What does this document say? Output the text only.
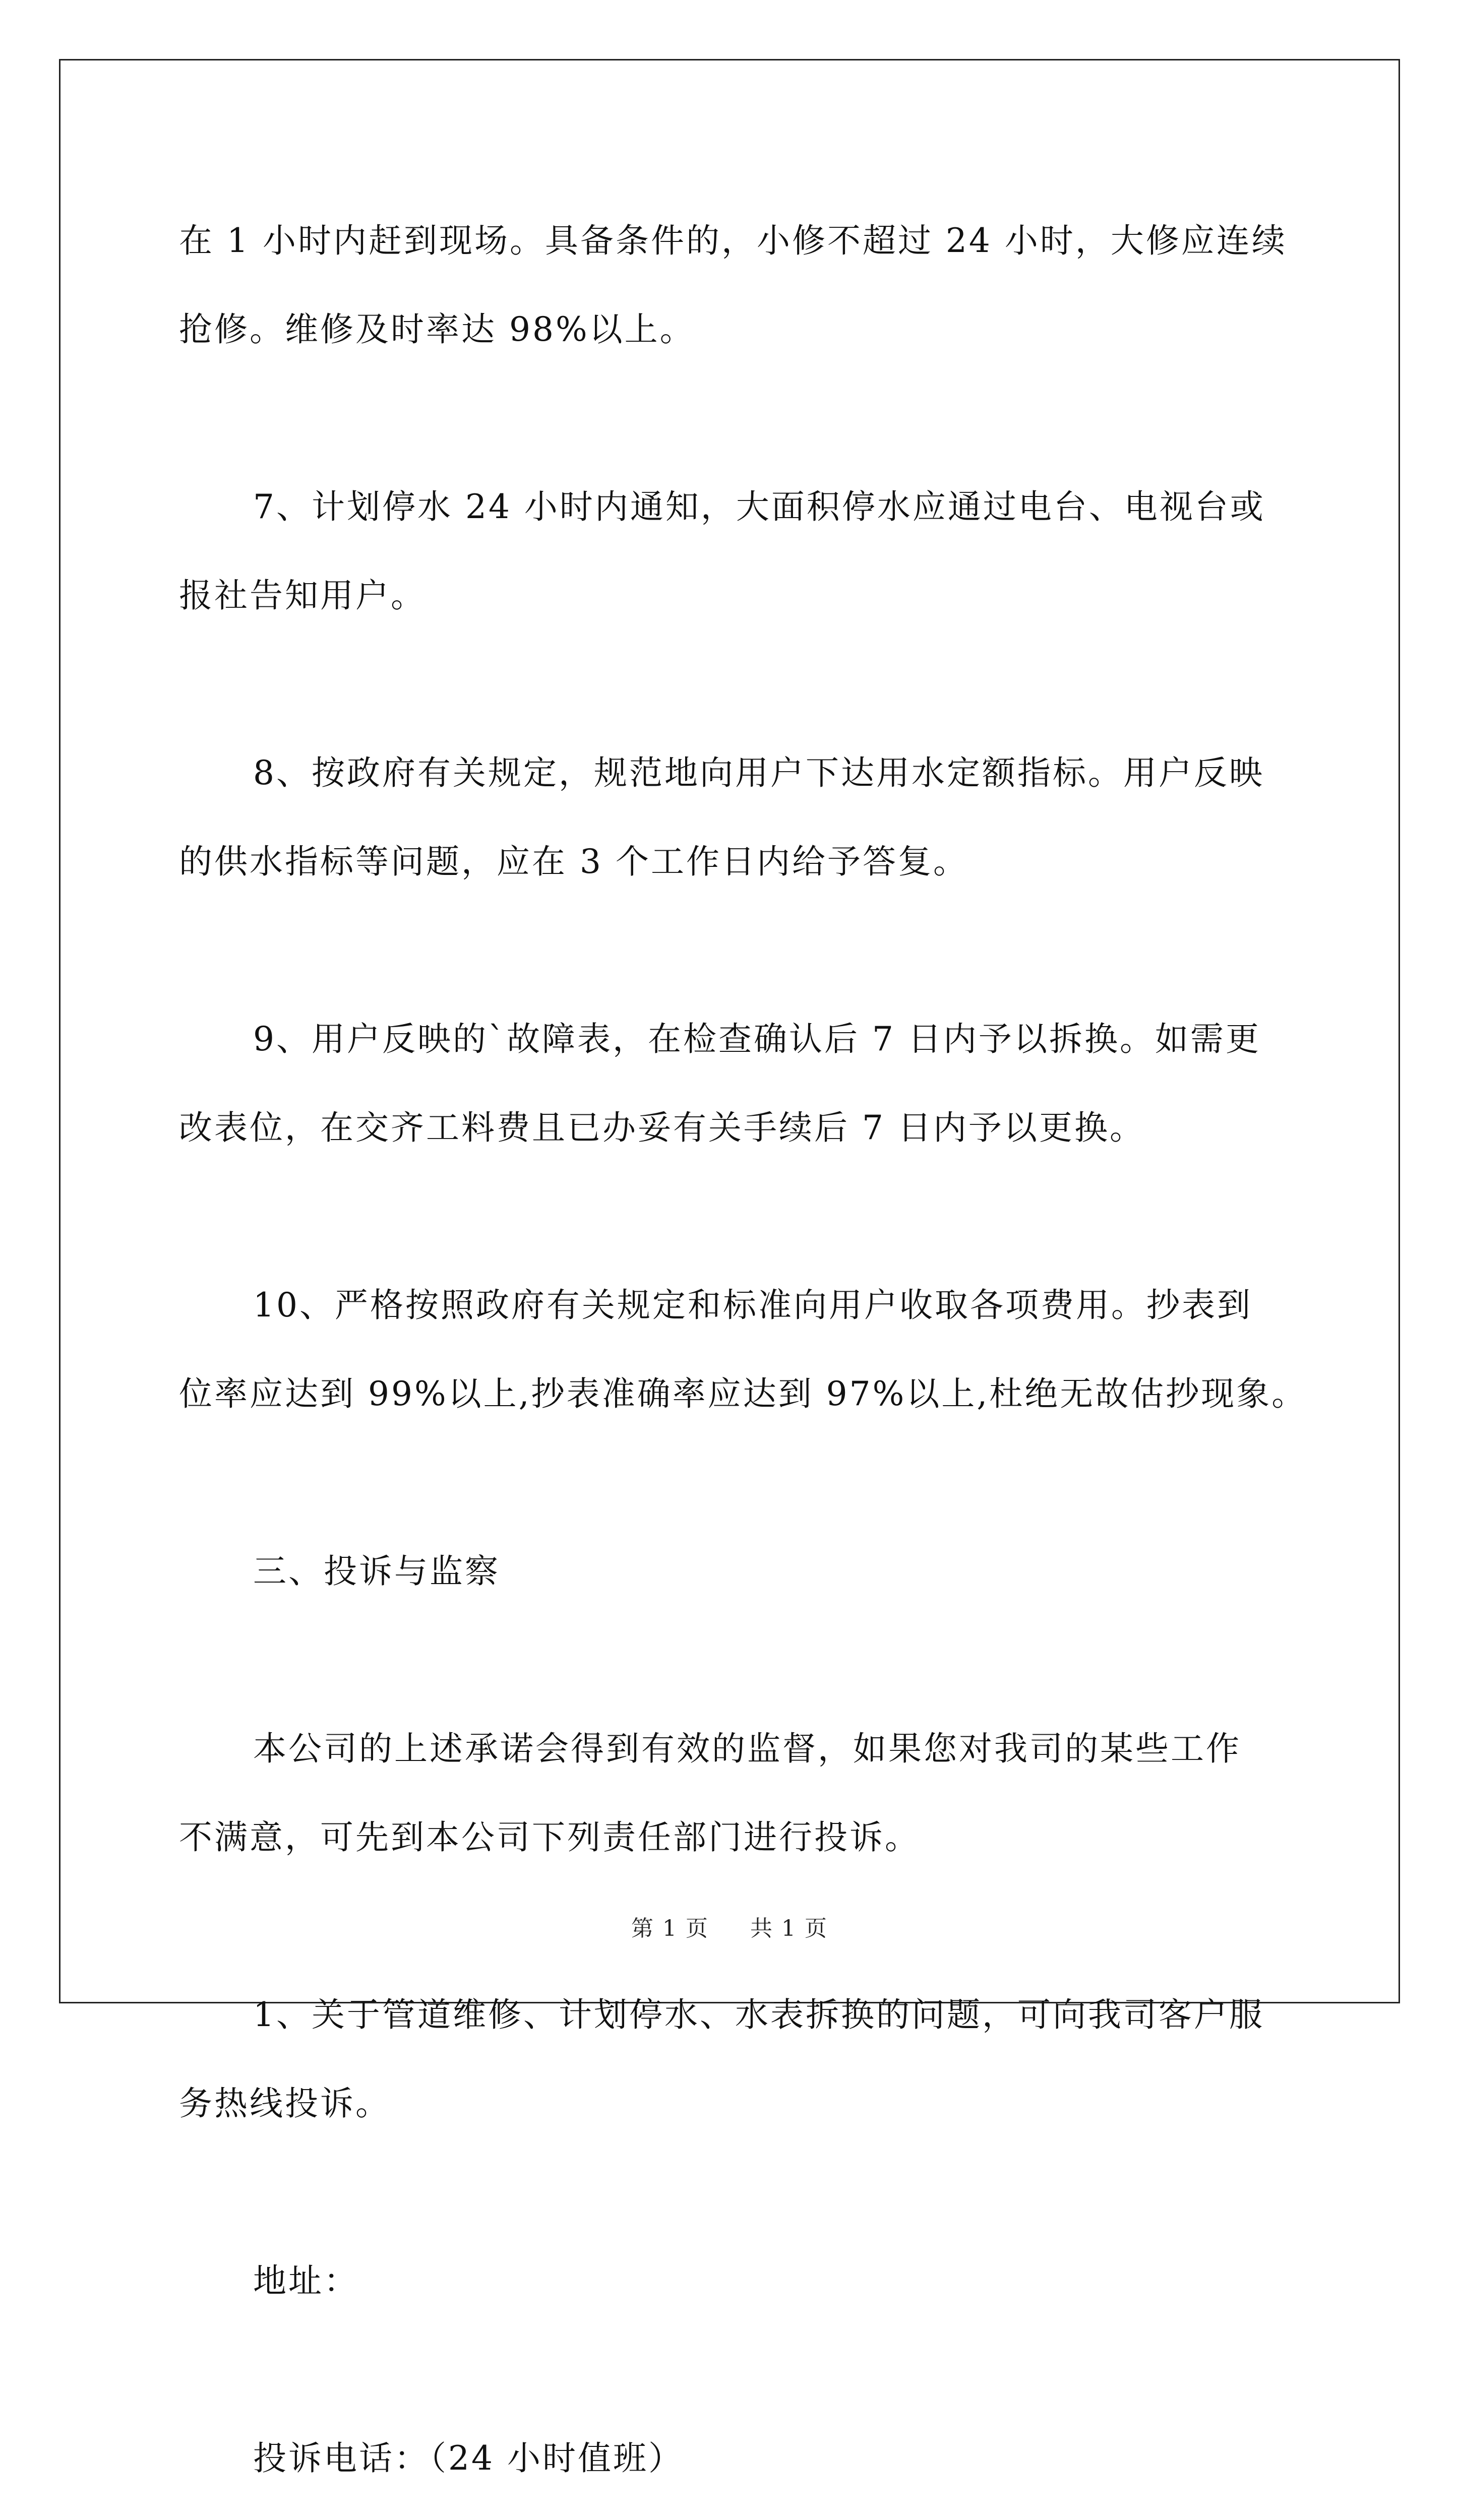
在 1 小时内赶到现场。具备条件的，小修不超过 24 小时，大修应连续
抢修。维修及时率达 98%以上。
7、计划停水 24 小时内通知，大面积停水应通过电台、电视台或
报社告知用户。
8、按政府有关规定，规范地向用户下达用水定额指标。用户反映
的供水指标等问题，应在 3 个工作日内给予答复。
9、用户反映的`故障表，在检查确认后 7 日内予以拆换。如需更
改表位，在交齐工料费且已办妥有关手续后 7 日内予以更换。
10、严格按照政府有关规定和标准向用户收取各项费用。抄表到
位率应达到 99%以上,抄表准确率应达到 97%以上,杜绝无故估抄现象。
三、投诉与监察
本公司的上述承诺会得到有效的监督，如果您对我司的某些工作
不满意，可先到本公司下列责任部门进行投诉。
1、关于管道维修、计划停水、水表拆换的问题，可向我司客户服
务热线投诉。
地址：
投诉电话：（24 小时值班）
第 1 页 共 1 页
